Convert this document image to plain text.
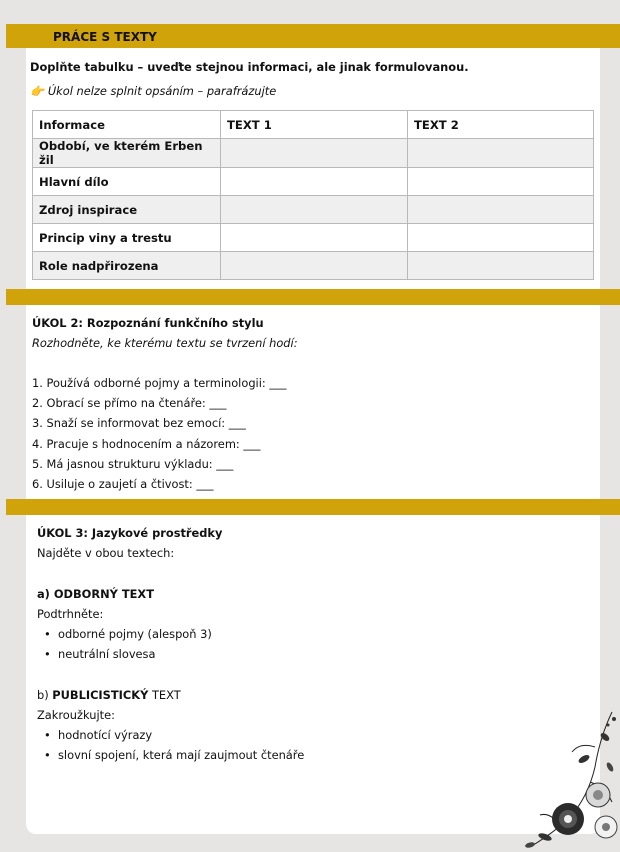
PRÁCE S TEXTY
Doplňte tabulku – uveďte stejnou informaci, ale jinak formulovanou.
👉 Úkol nelze splnit opsáním – parafrázujte
Informace	TEXT 1	TEXT 2
Období, ve kterém Erben žil		
Hlavní dílo		
Zdroj inspirace		
Princip viny a trestu		
Role nadpřirozena		
ÚKOL 2: Rozpoznání funkčního stylu
Rozhodněte, ke kterému textu se tvrzení hodí:
1. Používá odborné pojmy a terminologii: ___
2. Obrací se přímo na čtenáře: ___
3. Snaží se informovat bez emocí: ___
4. Pracuje s hodnocením a názorem: ___
5. Má jasnou strukturu výkladu: ___
6. Usiluje o zaujetí a čtivost: ___
ÚKOL 3: Jazykové prostředky
Najděte v obou textech:
a) ODBORNÝ TEXT
Podtrhněte:
• odborné pojmy (alespoň 3)
• neutrální slovesa
b) PUBLICISTICKÝ TEXT
Zakroužkujte:
• hodnotící výrazy
• slovní spojení, která mají zaujmout čtenáře
